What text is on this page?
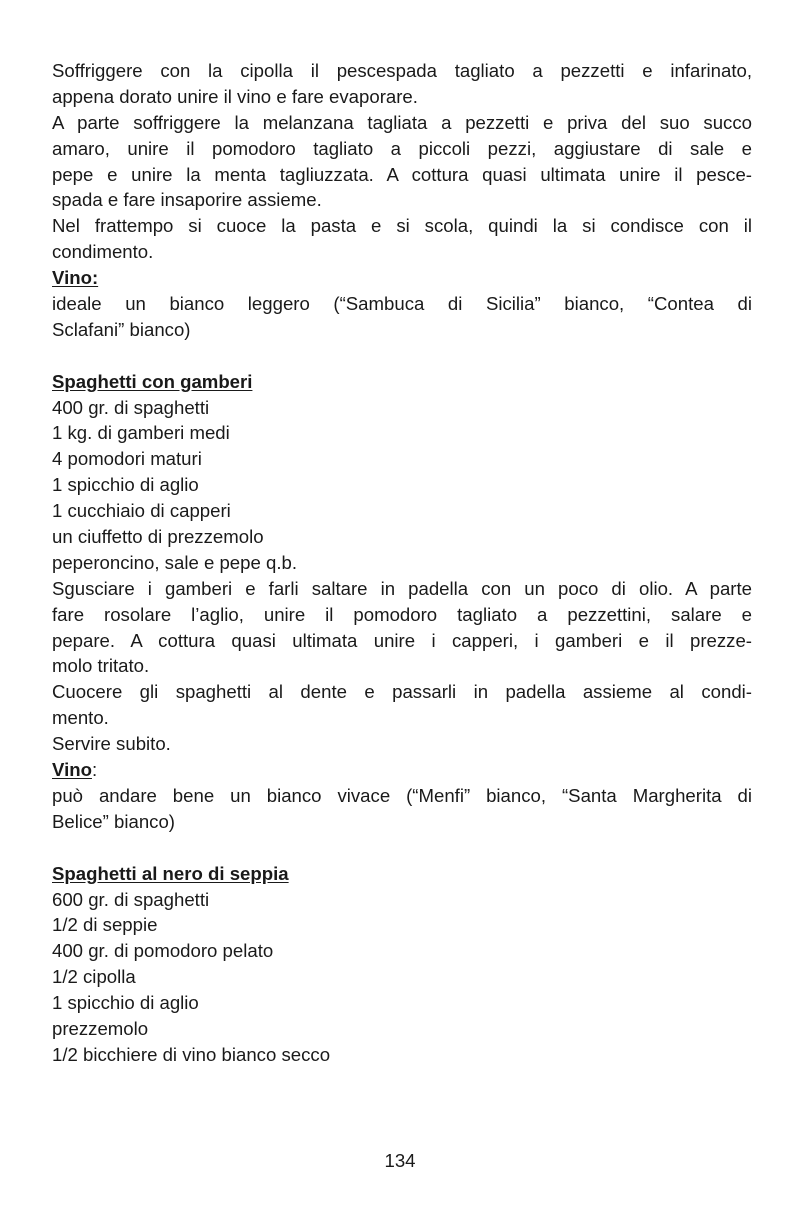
Soffriggere con la cipolla il pescespada tagliato a pezzetti e infarinato,
appena dorato unire il vino e fare evaporare.
A parte soffriggere la melanzana tagliata a pezzetti e priva del suo succo
amaro, unire il pomodoro tagliato a piccoli pezzi, aggiustare di sale e
pepe e unire la menta tagliuzzata. A cottura quasi ultimata unire il pesce-
spada e fare insaporire assieme.
Nel frattempo si cuoce la pasta e si scola, quindi la si condisce con il
condimento.
Vino:
ideale un bianco leggero (“Sambuca di Sicilia” bianco, “Contea di
Sclafani” bianco)
Spaghetti con gamberi
400 gr. di spaghetti
1 kg. di gamberi medi
4 pomodori maturi
1 spicchio di aglio
1 cucchiaio di capperi
un ciuffetto di prezzemolo
peperoncino, sale e pepe q.b.
Sgusciare i gamberi e farli saltare in padella con un poco di olio. A parte
fare rosolare l’aglio, unire il pomodoro tagliato a pezzettini, salare e
pepare. A cottura quasi ultimata unire i capperi, i gamberi e il prezze-
molo tritato.
Cuocere gli spaghetti al dente e passarli in padella assieme al condi-
mento.
Servire subito.
Vino:
può andare bene un bianco vivace (“Menfi” bianco, “Santa Margherita di
Belice” bianco)
Spaghetti al nero di seppia
600 gr. di spaghetti
1/2 di seppie
400 gr. di pomodoro pelato
1/2 cipolla
1 spicchio di aglio
prezzemolo
1/2 bicchiere di vino bianco secco
134
